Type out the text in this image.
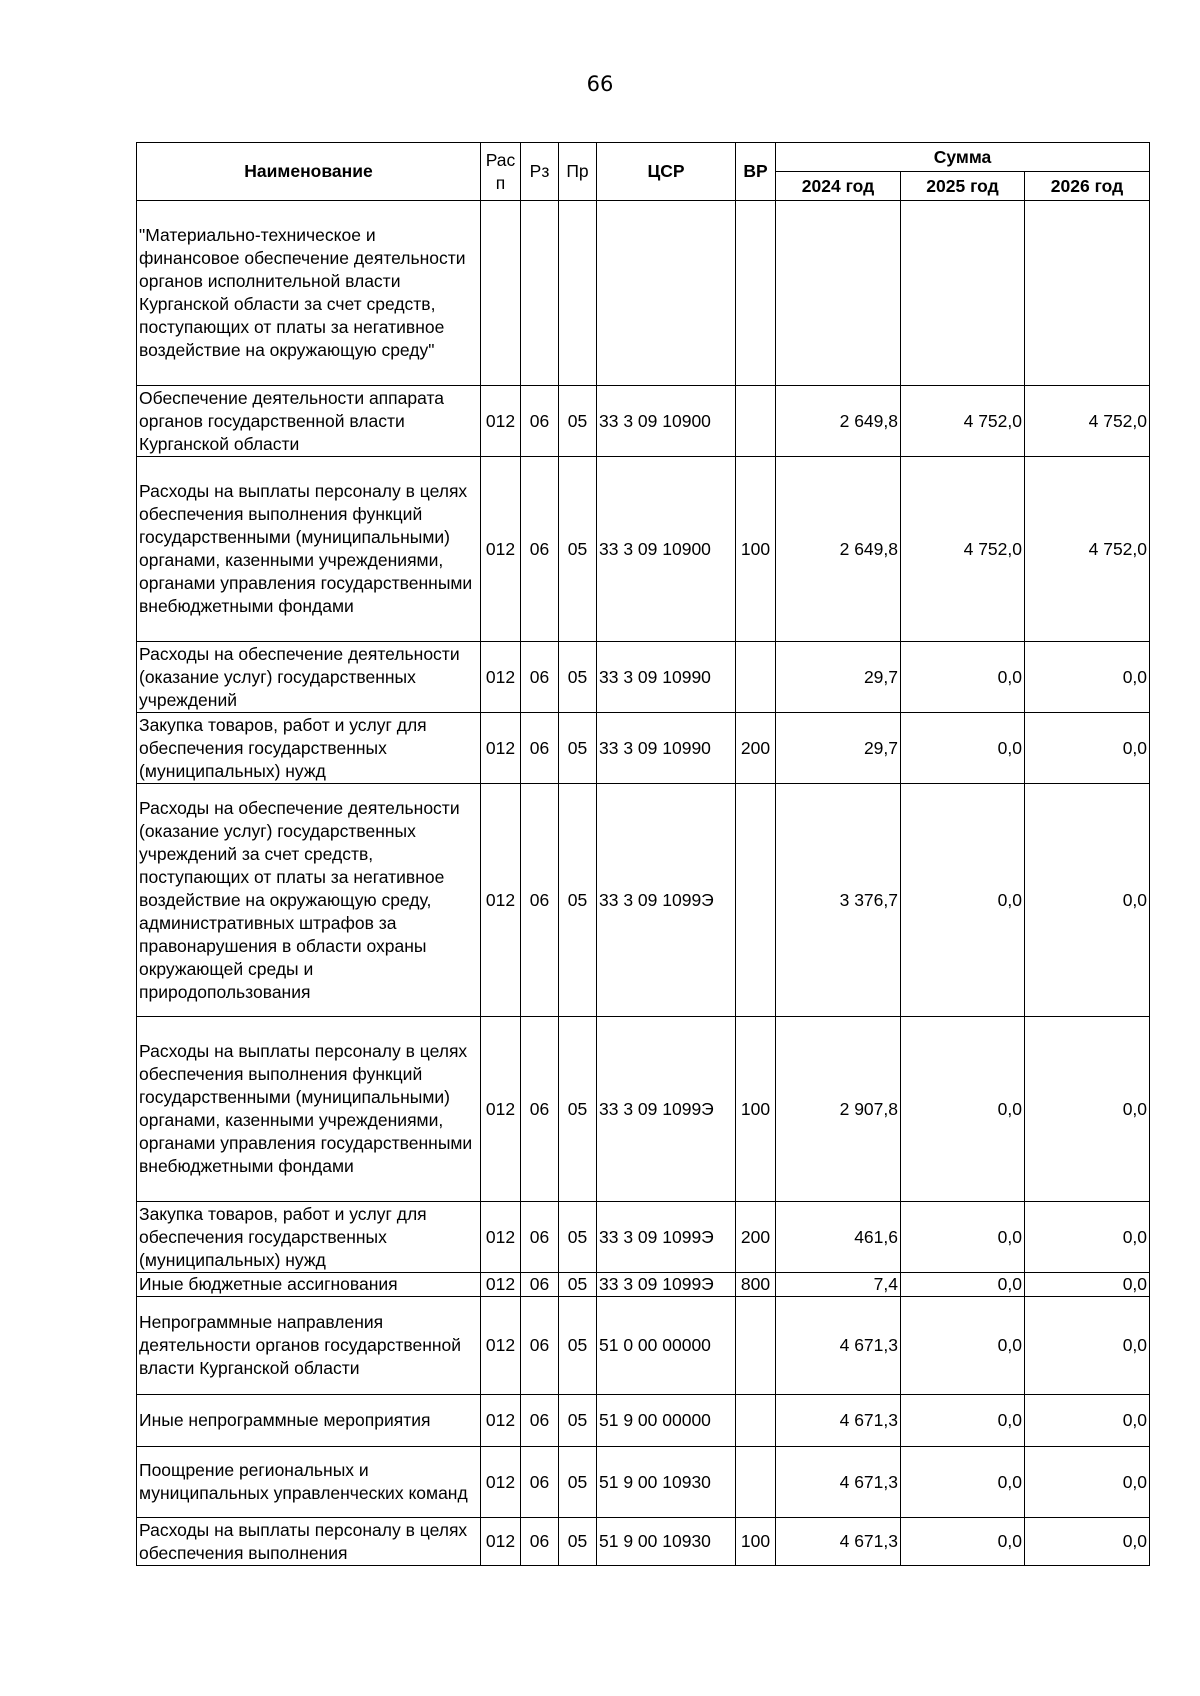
66
Наименование	Рас п	Рз	Пр	ЦСР	ВР	Сумма		
						2024 год	2025 год	2026 год
"Материально-техническое и финансовое обеспечение деятельности органов исполнительной власти Курганской области за счет средств, поступающих от платы за негативное воздействие на окружающую среду"								
Обеспечение деятельности аппарата органов государственной власти Курганской области	012	06	05	33 3 09 10900		2 649,8	4 752,0	4 752,0
Расходы на выплаты персоналу в целях обеспечения выполнения функций государственными (муниципальными) органами, казенными учреждениями, органами управления государственными внебюджетными фондами	012	06	05	33 3 09 10900	100	2 649,8	4 752,0	4 752,0
Расходы на обеспечение деятельности (оказание услуг) государственных учреждений	012	06	05	33 3 09 10990		29,7	0,0	0,0
Закупка товаров, работ и услуг для обеспечения государственных (муниципальных) нужд	012	06	05	33 3 09 10990	200	29,7	0,0	0,0
Расходы на обеспечение деятельности (оказание услуг) государственных учреждений за счет средств, поступающих от платы за негативное воздействие на окружающую среду, административных штрафов за правонарушения в области охраны окружающей среды и природопользования	012	06	05	33 3 09 1099Э		3 376,7	0,0	0,0
Расходы на выплаты персоналу в целях обеспечения выполнения функций государственными (муниципальными) органами, казенными учреждениями, органами управления государственными внебюджетными фондами	012	06	05	33 3 09 1099Э	100	2 907,8	0,0	0,0
Закупка товаров, работ и услуг для обеспечения государственных (муниципальных) нужд	012	06	05	33 3 09 1099Э	200	461,6	0,0	0,0
Иные бюджетные ассигнования	012	06	05	33 3 09 1099Э	800	7,4	0,0	0,0
Непрограммные направления деятельности органов государственной власти Курганской области	012	06	05	51 0 00 00000		4 671,3	0,0	0,0
Иные непрограммные мероприятия	012	06	05	51 9 00 00000		4 671,3	0,0	0,0
Поощрение региональных и муниципальных управленческих команд	012	06	05	51 9 00 10930		4 671,3	0,0	0,0
Расходы на выплаты персоналу в целях обеспечения выполнения	012	06	05	51 9 00 10930	100	4 671,3	0,0	0,0
